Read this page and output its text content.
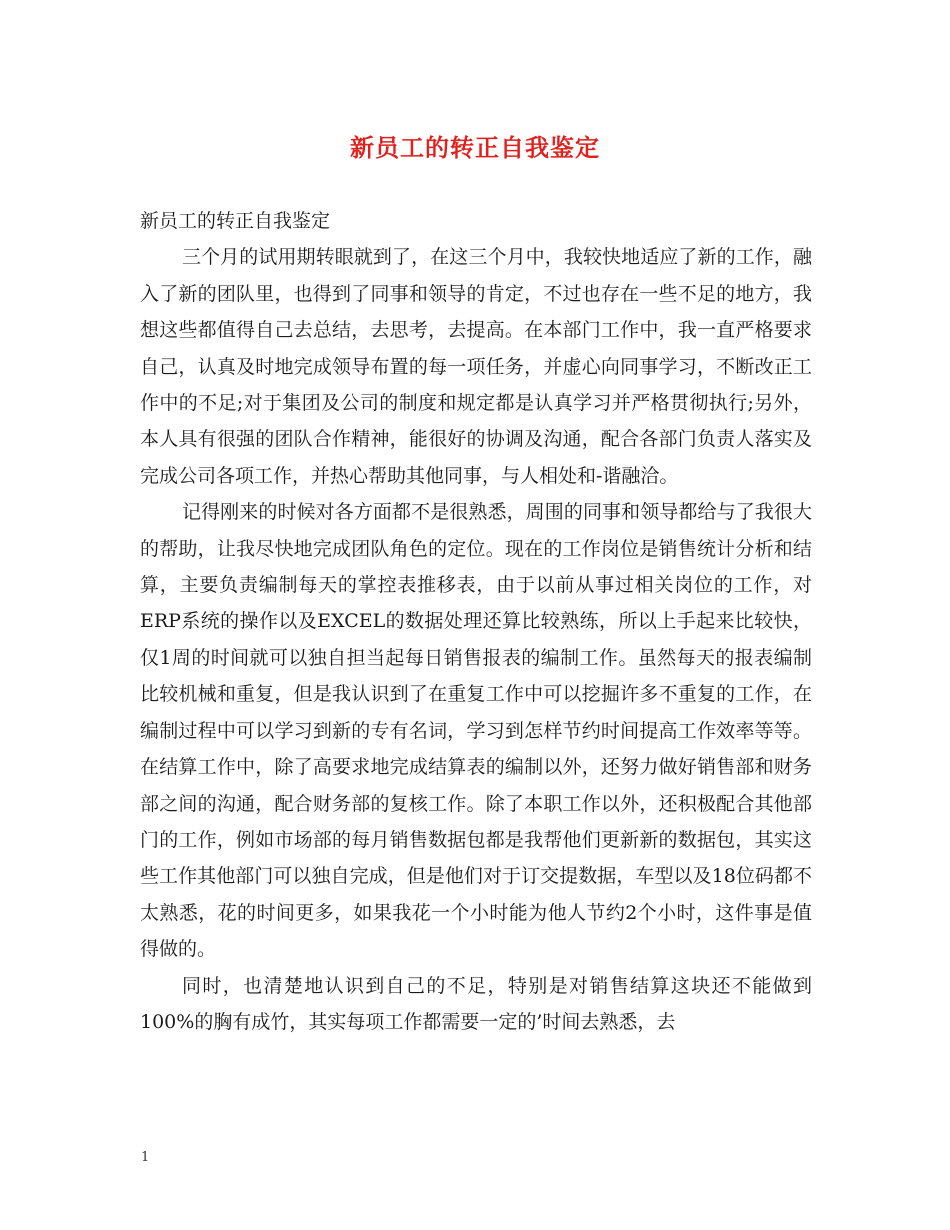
新员工的转正自我鉴定

新员工的转正自我鉴定

三个月的试用期转眼就到了，在这三个月中，我较快地适应了新的工作，融入了新的团队里，也得到了同事和领导的肯定，不过也存在一些不足的地方，我想这些都值得自己去总结，去思考，去提高。在本部门工作中，我一直严格要求自己，认真及时地完成领导布置的每一项任务，并虚心向同事学习，不断改正工作中的不足;对于集团及公司的制度和规定都是认真学习并严格贯彻执行;另外，本人具有很强的团队合作精神，能很好的协调及沟通，配合各部门负责人落实及完成公司各项工作，并热心帮助其他同事，与人相处和-谐融洽。

记得刚来的时候对各方面都不是很熟悉，周围的同事和领导都给与了我很大的帮助，让我尽快地完成团队角色的定位。现在的工作岗位是销售统计分析和结算，主要负责编制每天的掌控表推移表，由于以前从事过相关岗位的工作，对ERP系统的操作以及EXCEL的数据处理还算比较熟练，所以上手起来比较快，仅1周的时间就可以独自担当起每日销售报表的编制工作。虽然每天的报表编制比较机械和重复，但是我认识到了在重复工作中可以挖掘许多不重复的工作，在编制过程中可以学习到新的专有名词，学习到怎样节约时间提高工作效率等等。在结算工作中，除了高要求地完成结算表的编制以外，还努力做好销售部和财务部之间的沟通，配合财务部的复核工作。除了本职工作以外，还积极配合其他部门的工作，例如市场部的每月销售数据包都是我帮他们更新新的数据包，其实这些工作其他部门可以独自完成，但是他们对于订交提数据，车型以及18位码都不太熟悉，花的时间更多，如果我花一个小时能为他人节约2个小时，这件事是值得做的。

同时，也清楚地认识到自己的不足，特别是对销售结算这块还不能做到100%的胸有成竹，其实每项工作都需要一定的’时间去熟悉，去

1
